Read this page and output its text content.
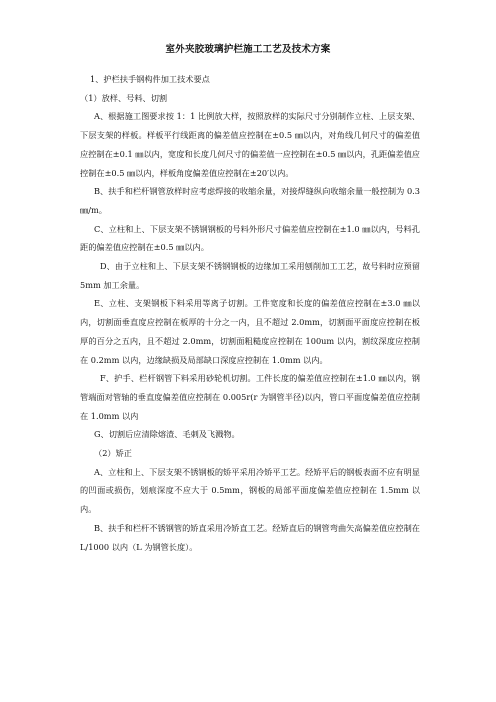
室外夹胶玻璃护栏施工工艺及技术方案

1、护栏扶手钢构件加工技术要点

（1）放样、号料、切割

A、根据施工图要求按 1：1 比例放大样，按照放样的实际尺寸分别制作立柱、上层支架、下层支架的样板。样板平行线距离的偏差值应控制在±0.5 ㎜以内，对角线几何尺寸的偏差值应控制在±0.1 ㎜以内，宽度和长度几何尺寸的偏差值一应控制在±0.5 ㎜以内，孔距偏差值应控制在±0.5 ㎜以内，样板角度偏差值应控制在±20′以内。

B、扶手和栏杆钢管放样时应考虑焊接的收缩余量，对接焊缝纵向收缩余量一般控制为 0.3 ㎜/m。

C、立柱和上、下层支架不锈钢钢板的号料外形尺寸偏差值应控制在±1.0 ㎜以内，号料孔距的偏差值应控制在±0.5 ㎜以内。

D、由于立柱和上、下层支架不锈钢钢板的边缘加工采用刨削加工工艺，故号料时应预留 5mm 加工余量。

E、立柱、支架钢板下料采用等离子切割。工件宽度和长度的偏差值应控制在±3.0 ㎜以内，切割面垂直度应控制在板厚的十分之一内，且不超过 2.0mm，切割面平面度应控制在板厚的百分之五内，且不超过 2.0mm，切割面粗糙度应控制在 100um 以内，割纹深度应控制在 0.2mm 以内，边缘缺损及局部缺口深度应控制在 1.0mm 以内。

F、护手、栏杆钢管下料采用砂轮机切割。工件长度的偏差值应控制在±1.0 ㎜以内，钢管端面对管轴的垂直度偏差值应控制在 0.005r(r 为钢管半径)以内，管口平面度偏差值应控制在 1.0mm 以内

G、切割后应清除熔渣、毛刺及飞溅物。

（2）矫正

A、立柱和上、下层支架不锈钢板的矫平采用冷矫平工艺。经矫平后的钢板表面不应有明显的凹面或损伤，划痕深度不应大于 0.5mm，钢板的局部平面度偏差值应控制在 1.5mm 以内。

B、扶手和栏杆不锈钢管的矫直采用冷矫直工艺。经矫直后的钢管弯曲矢高偏差值应控制在 L/1000 以内（L 为钢管长度）。
